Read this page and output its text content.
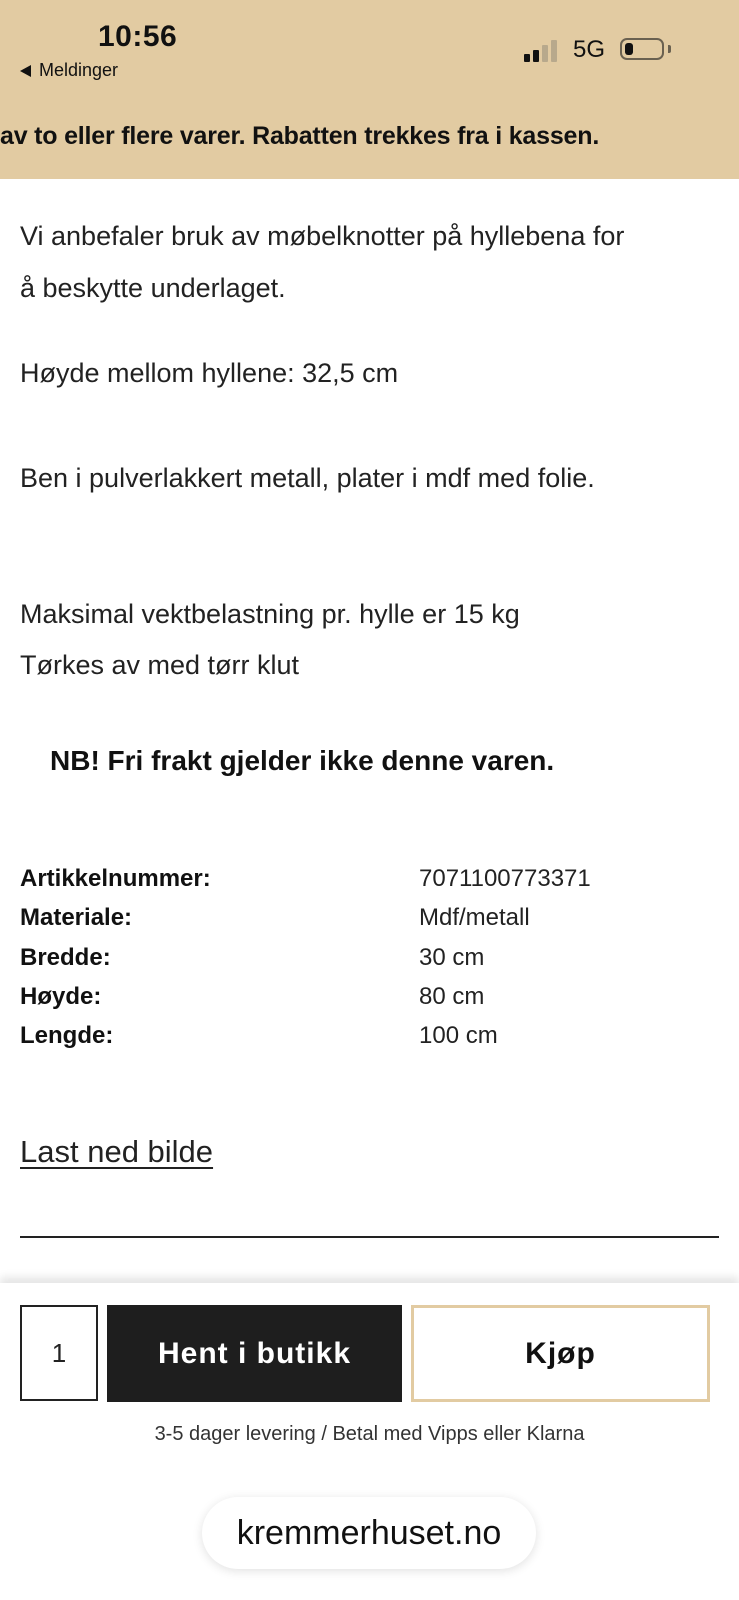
10:56
Meldinger
5G
av to eller flere varer. Rabatten trekkes fra i kassen.
Vi anbefaler bruk av møbelknotter på hyllebena for
å beskytte underlaget.
Høyde mellom hyllene: 32,5 cm
Ben i pulverlakkert metall, plater i mdf med folie.
Maksimal vektbelastning pr. hylle er 15 kg
Tørkes av med tørr klut
NB! Fri frakt gjelder ikke denne varen.
Artikkelnummer:	7071100773371
Materiale:	Mdf/metall
Bredde:	30 cm
Høyde:	80 cm
Lengde:	100 cm
Last ned bilde
1	Hent i butikk	Kjøp
3-5 dager levering / Betal med Vipps eller Klarna
kremmerhuset.no
